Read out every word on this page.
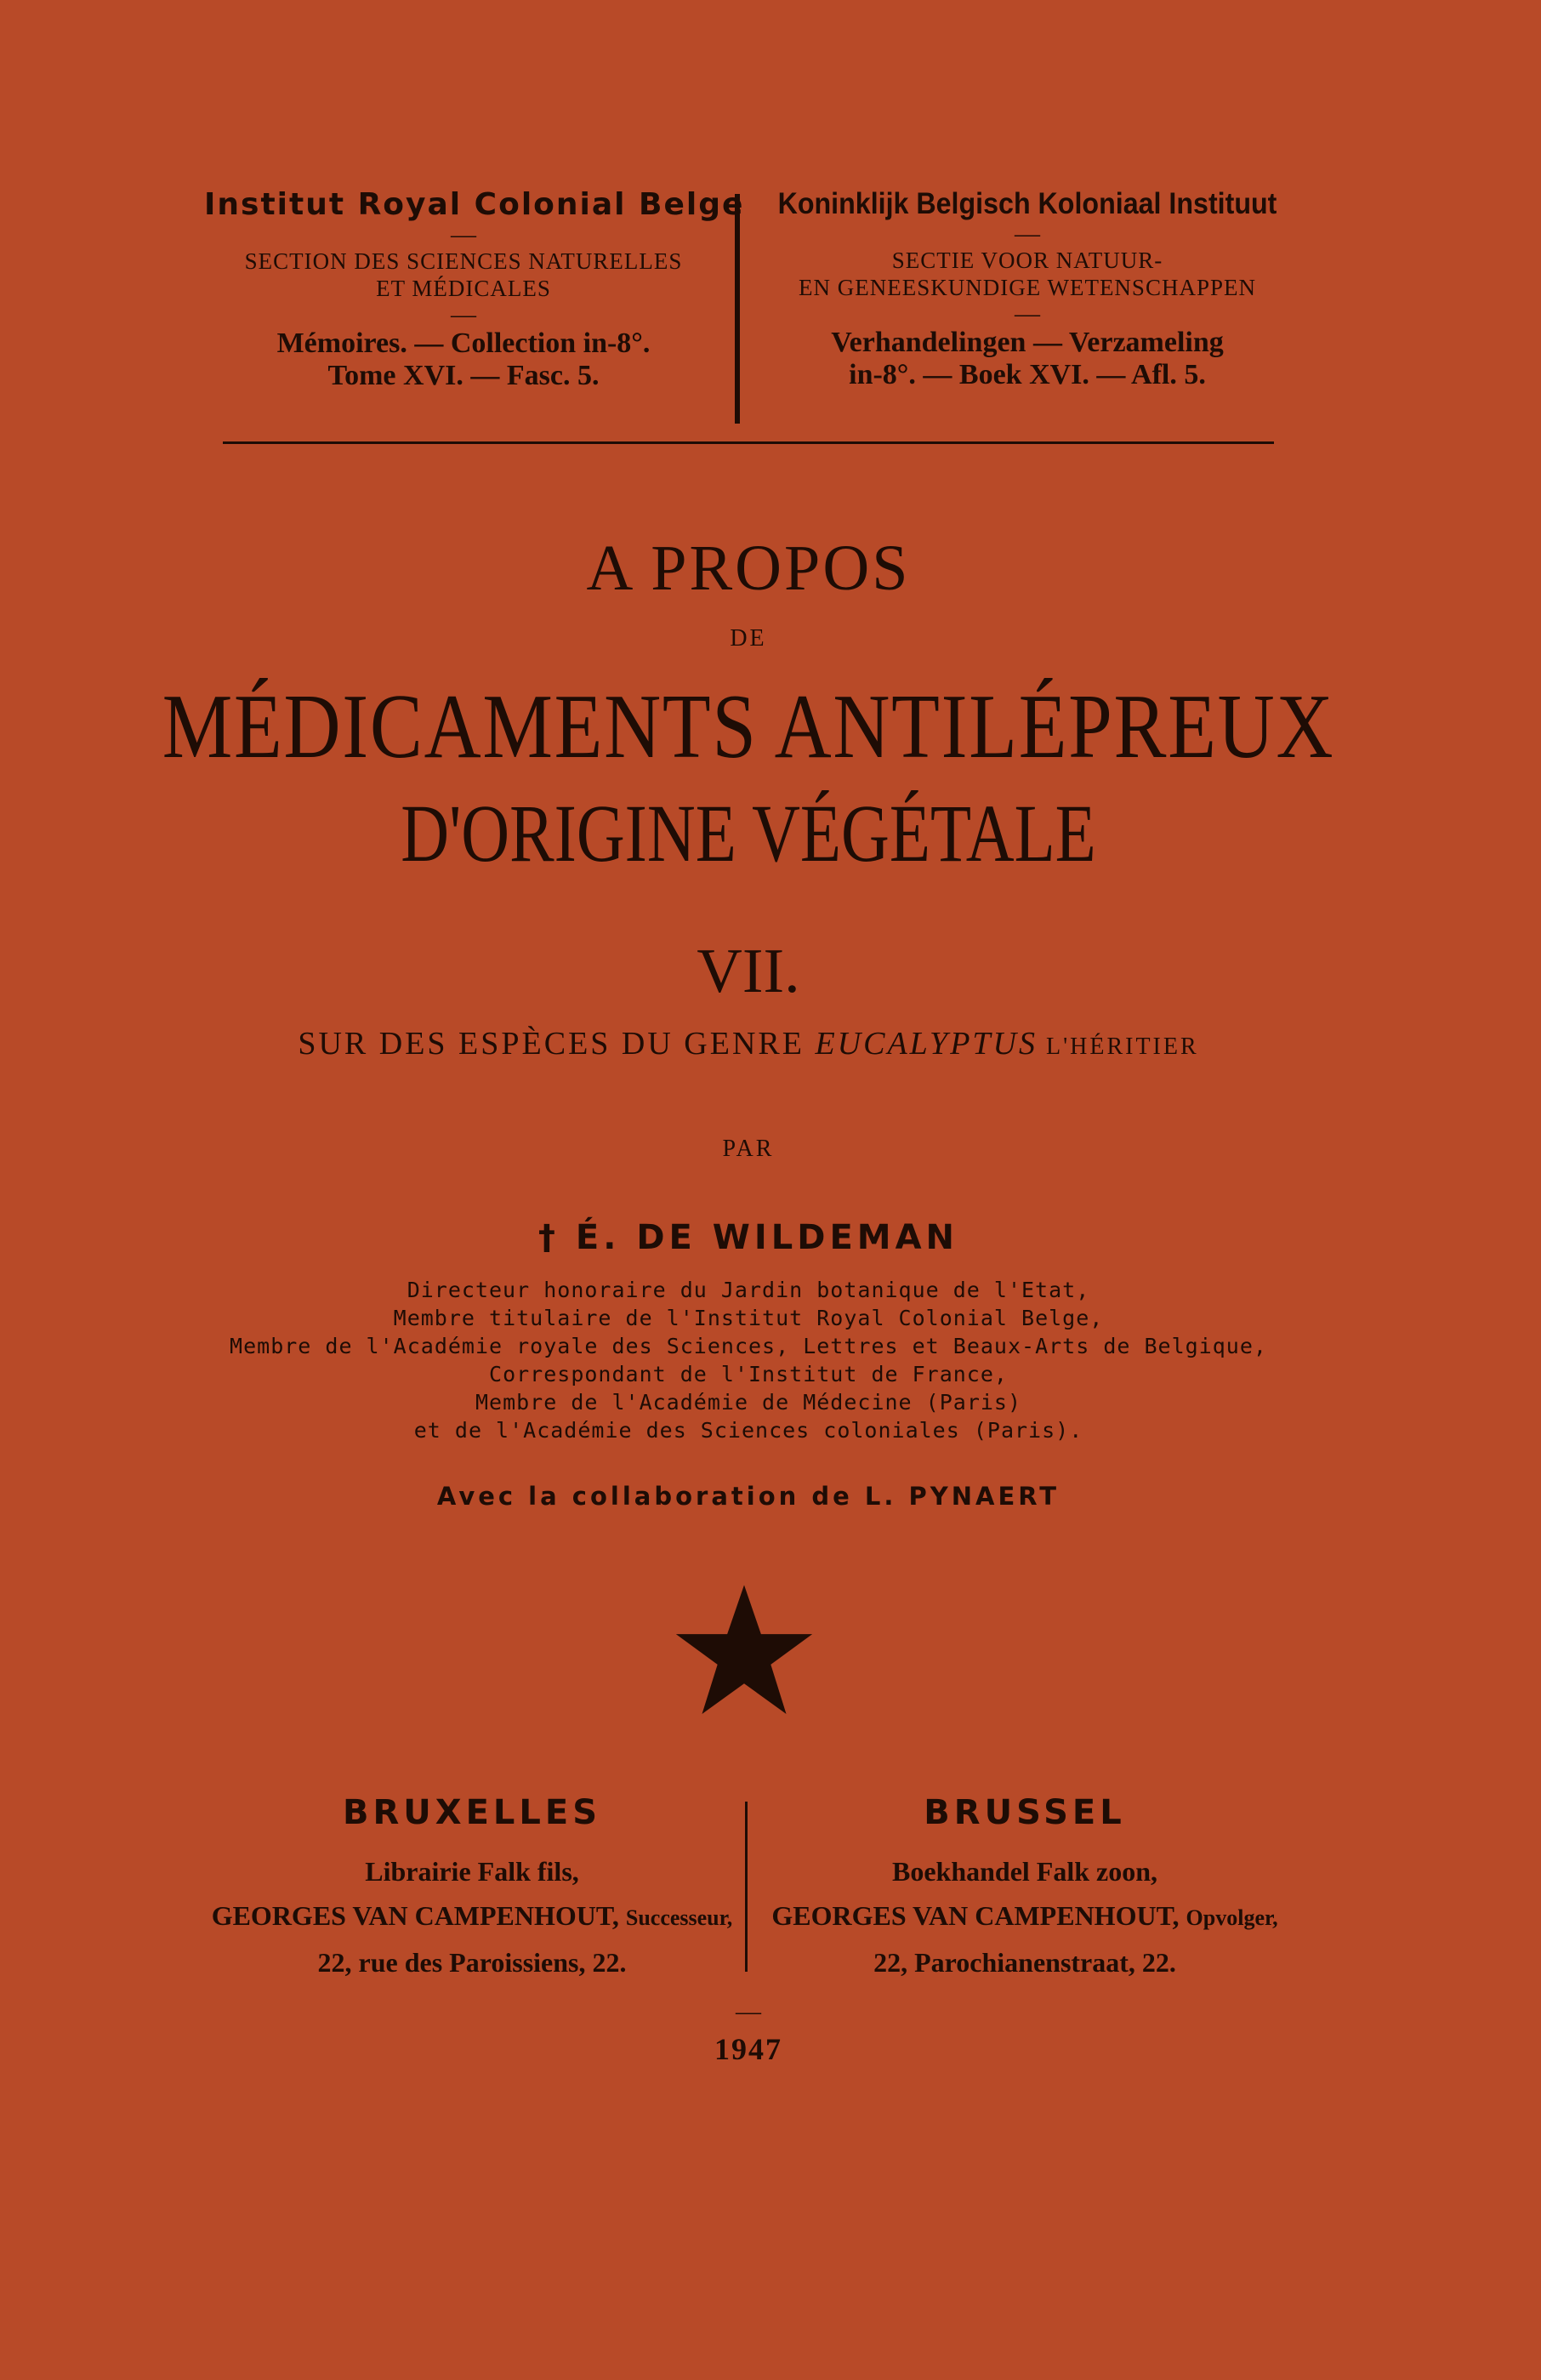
Institut Royal Colonial Belge
—
SECTION DES SCIENCES NATURELLES
ET MÉDICALES
—
Mémoires. — Collection in-8°.
Tome XVI. — Fasc. 5.
Koninklijk Belgisch Koloniaal Instituut
—
SECTIE VOOR NATUUR-
EN GENEESKUNDIGE WETENSCHAPPEN
—
Verhandelingen — Verzameling
in-8°. — Boek XVI. — Afl. 5.
A PROPOS
DE
MÉDICAMENTS ANTILÉPREUX
D'ORIGINE VÉGÉTALE
VII.
SUR DES ESPÈCES DU GENRE EUCALYPTUS L'HÉRITIER
PAR
† É. DE WILDEMAN
Directeur honoraire du Jardin botanique de l'Etat,
Membre titulaire de l'Institut Royal Colonial Belge,
Membre de l'Académie royale des Sciences, Lettres et Beaux-Arts de Belgique,
Correspondant de l'Institut de France,
Membre de l'Académie de Médecine (Paris)
et de l'Académie des Sciences coloniales (Paris).
Avec la collaboration de L. PYNAERT
BRUXELLES
Librairie Falk fils,
GEORGES VAN CAMPENHOUT, Successeur,
22, rue des Paroissiens, 22.
BRUSSEL
Boekhandel Falk zoon,
GEORGES VAN CAMPENHOUT, Opvolger,
22, Parochianenstraat, 22.
—
1947
